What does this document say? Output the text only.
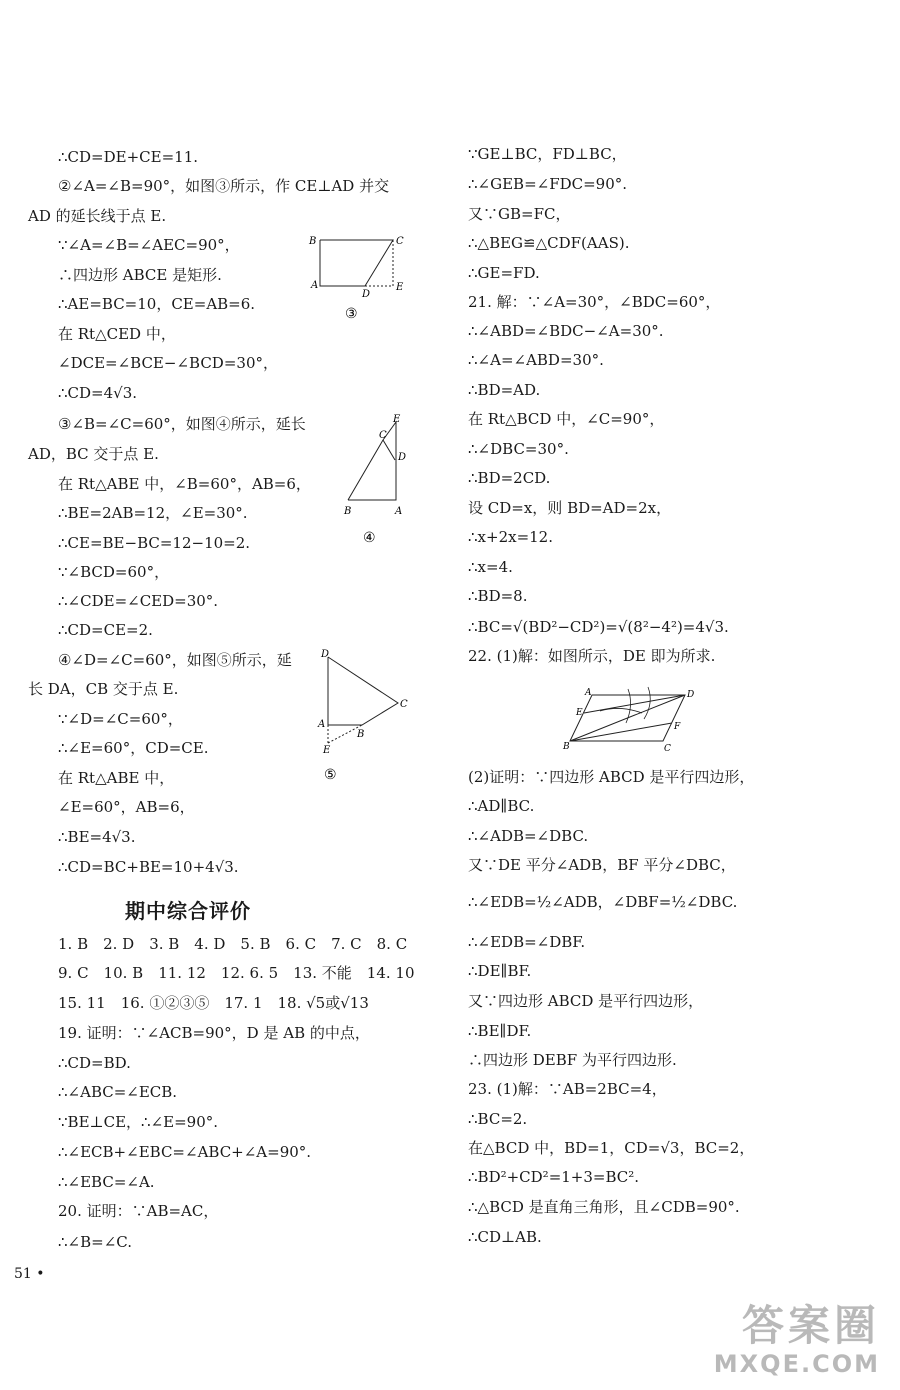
∴CD=DE+CE=11.
②∠A=∠B=90°，如图③所示，作 CE⊥AD 并交
AD 的延长线于点 E.
∵∠A=∠B=∠AEC=90°，
∴四边形 ABCE 是矩形.
∴AE=BC=10，CE=AB=6.
在 Rt△CED 中，
∠DCE=∠BCE−∠BCD=30°，
∴CD=4√3.
③∠B=∠C=60°，如图④所示，延长
AD，BC 交于点 E.
在 Rt△ABE 中，∠B=60°，AB=6，
∴BE=2AB=12，∠E=30°.
∴CE=BE−BC=12−10=2.
∵∠BCD=60°，
∴∠CDE=∠CED=30°.
∴CD=CE=2.
④∠D=∠C=60°，如图⑤所示，延
长 DA，CB 交于点 E.
∵∠D=∠C=60°，
∴∠E=60°，CD=CE.
在 Rt△ABE 中，
∠E=60°，AB=6，
∴BE=4√3.
∴CD=BC+BE=10+4√3.
1. B　2. D　3. B　4. D　5. B　6. C　7. C　8. C
9. C　10. B　11. 12　12. 6. 5　13. 不能　14. 10
15. 11　16. ①②③⑤　17. 1　18. √5或√13
19. 证明：∵∠ACB=90°，D 是 AB 的中点，
∴CD=BD.
∴∠ABC=∠ECB.
∵BE⊥CE，∴∠E=90°.
∴∠ECB+∠EBC=∠ABC+∠A=90°.
∴∠EBC=∠A.
20. 证明：∵AB=AC，
∴∠B=∠C.
∵GE⊥BC，FD⊥BC，
∴∠GEB=∠FDC=90°.
又∵GB=FC，
∴△BEG≌△CDF(AAS).
∴GE=FD.
21. 解：∵∠A=30°，∠BDC=60°，
∴∠ABD=∠BDC−∠A=30°.
∴∠A=∠ABD=30°.
∴BD=AD.
在 Rt△BCD 中，∠C=90°，
∴∠DBC=30°.
∴BD=2CD.
设 CD=x，则 BD=AD=2x，
∴x+2x=12.
∴x=4.
∴BD=8.
∴BC=√(BD²−CD²)=√(8²−4²)=4√3.
22. (1)解：如图所示，DE 即为所求.
(2)证明：∵四边形 ABCD 是平行四边形，
∴AD∥BC.
∴∠ADB=∠DBC.
又∵DE 平分∠ADB，BF 平分∠DBC，
∴∠EDB=½∠ADB，∠DBF=½∠DBC.
∴∠EDB=∠DBF.
∴DE∥BF.
又∵四边形 ABCD 是平行四边形，
∴BE∥DF.
∴四边形 DEBF 为平行四边形.
23. (1)解：∵AB=2BC=4，
∴BC=2.
在△BCD 中，BD=1，CD=√3，BC=2，
∴BD²+CD²=1+3=BC².
∴△BCD 是直角三角形，且∠CDB=90°.
∴CD⊥AB.
期中综合评价
B	C
A
D
E
③
E
C
D
B	A
④
D
C
A
B
E
⑤
A	D
E
F
B	C
51 •
答案圈
MXQE.COM
